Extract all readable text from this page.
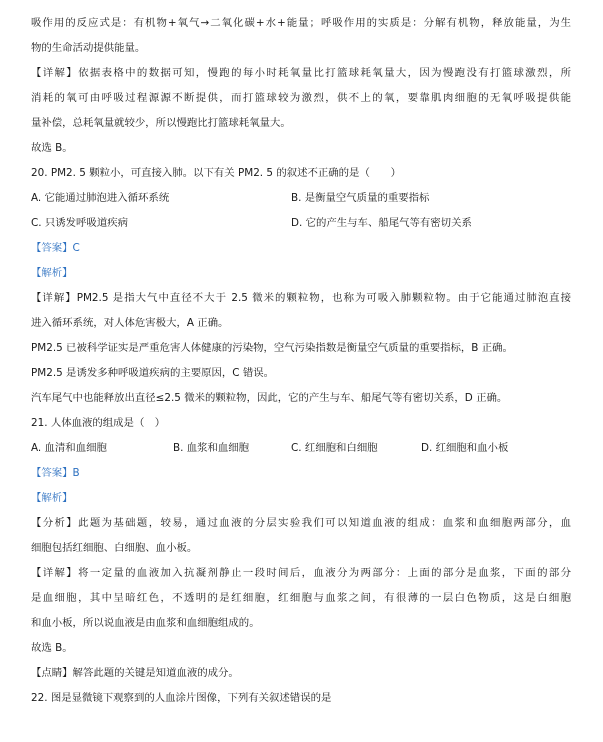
吸作用的反应式是：有机物+氧气→二氧化碳+水+能量；呼吸作用的实质是：分解有机物，释放能量，为生
物的生命活动提供能量。
【详解】依据表格中的数据可知，慢跑的每小时耗氧量比打篮球耗氧量大，因为慢跑没有打篮球激烈，所
消耗的氧可由呼吸过程源源不断提供，而打篮球较为激烈，供不上的氧，要靠肌肉细胞的无氧呼吸提供能
量补偿，总耗氧量就较少，所以慢跑比打篮球耗氧量大。
故选 B。
20. PM2. 5 颗粒小，可直接入肺。以下有关 PM2. 5 的叙述不正确的是（　　）
A. 它能通过肺泡进入循环系统	B. 是衡量空气质量的重要指标
C. 只诱发呼吸道疾病	D. 它的产生与车、船尾气等有密切关系
【答案】C
【解析】
【详解】PM2.5 是指大气中直径不大于 2.5 微米的颗粒物，也称为可吸入肺颗粒物。由于它能通过肺泡直接
进入循环系统，对人体危害极大，A 正确。
PM2.5 已被科学证实是严重危害人体健康的污染物，空气污染指数是衡量空气质量的重要指标，B 正确。
PM2.5 是诱发多种呼吸道疾病的主要原因，C 错误。
汽车尾气中也能释放出直径≤2.5 微米的颗粒物，因此，它的产生与车、船尾气等有密切关系，D 正确。
21. 人体血液的组成是（　）
A. 血清和血细胞	B. 血浆和血细胞	C. 红细胞和白细胞	D. 红细胞和血小板
【答案】B
【解析】
【分析】此题为基础题，较易，通过血液的分层实验我们可以知道血液的组成：血浆和血细胞两部分，血
细胞包括红细胞、白细胞、血小板。
【详解】将一定量的血液加入抗凝剂静止一段时间后，血液分为两部分：上面的部分是血浆，下面的部分
是血细胞，其中呈暗红色，不透明的是红细胞，红细胞与血浆之间，有很薄的一层白色物质，这是白细胞
和血小板，所以说血液是由血浆和血细胞组成的。
故选 B。
【点睛】解答此题的关键是知道血液的成分。
22. 图是显微镜下观察到的人血涂片图像，下列有关叙述错误的是
